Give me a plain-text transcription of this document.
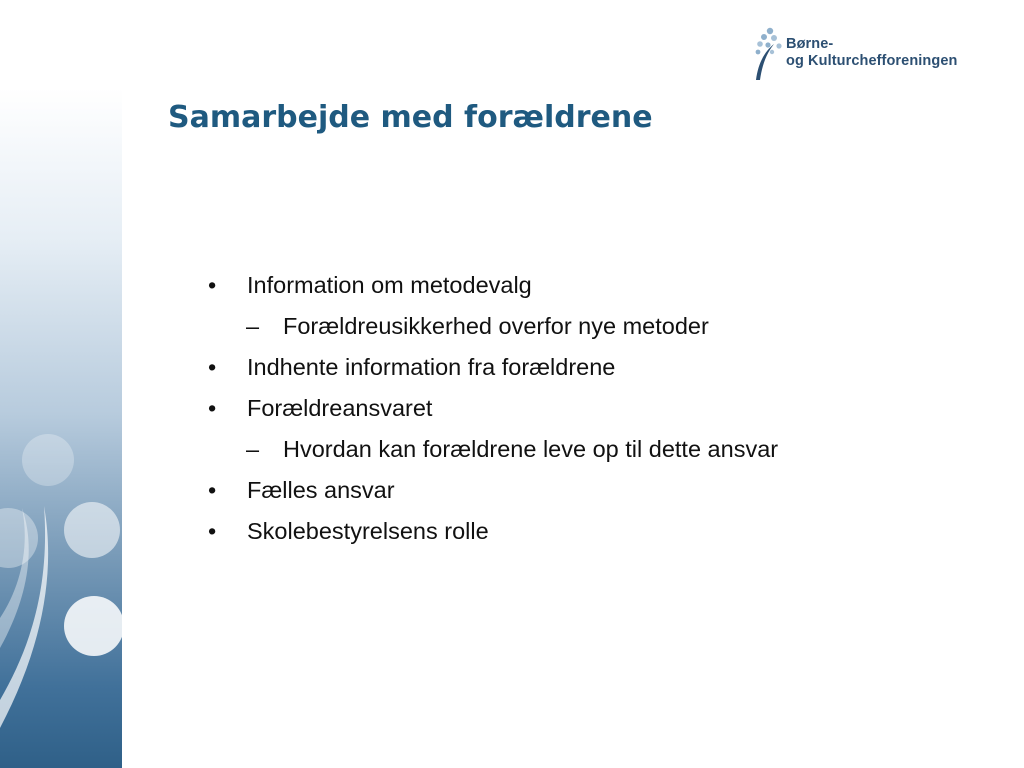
Børne-
og Kulturchefforeningen
Samarbejde med forældrene
• Information om metodevalg
– Forældreusikkerhed overfor nye metoder
• Indhente information fra forældrene
• Forældreansvaret
– Hvordan kan forældrene leve op til dette ansvar
• Fælles ansvar
• Skolebestyrelsens rolle
